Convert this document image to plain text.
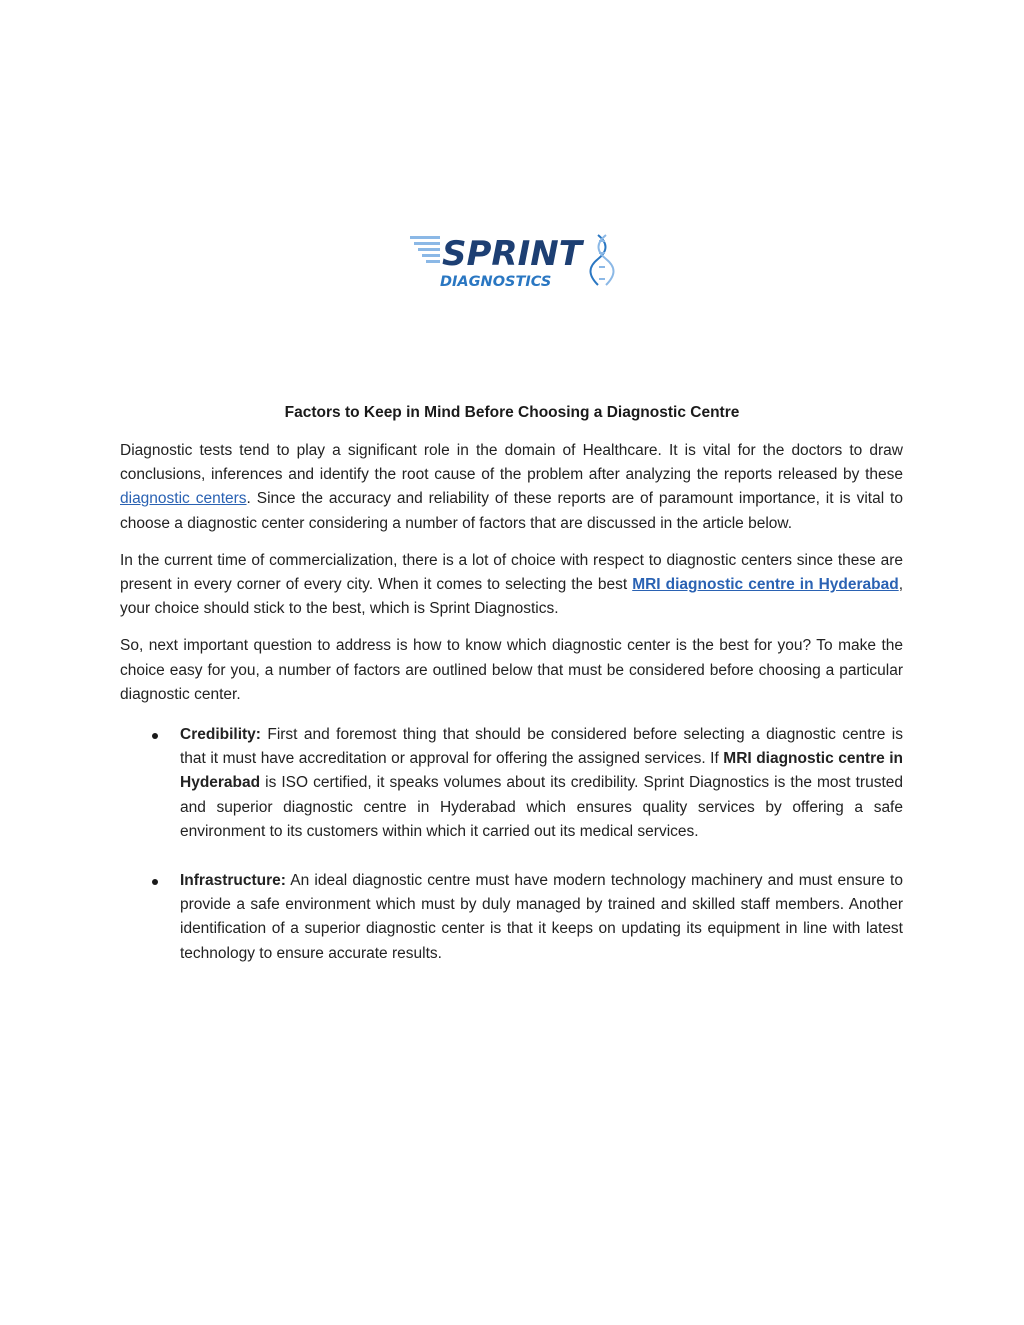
SPRINT
DIAGNOSTICS
Factors to Keep in Mind Before Choosing a Diagnostic Centre

Diagnostic tests tend to play a significant role in the domain of Healthcare. It is vital for the doctors to draw conclusions, inferences and identify the root cause of the problem after analyzing the reports released by these diagnostic centers. Since the accuracy and reliability of these reports are of paramount importance, it is vital to choose a diagnostic center considering a number of factors that are discussed in the article below.

In the current time of commercialization, there is a lot of choice with respect to diagnostic centers since these are present in every corner of every city. When it comes to selecting the best MRI diagnostic centre in Hyderabad, your choice should stick to the best, which is Sprint Diagnostics.

So, next important question to address is how to know which diagnostic center is the best for you? To make the choice easy for you, a number of factors are outlined below that must be considered before choosing a particular diagnostic center.

Credibility: First and foremost thing that should be considered before selecting a diagnostic centre is that it must have accreditation or approval for offering the assigned services. If MRI diagnostic centre in Hyderabad is ISO certified, it speaks volumes about its credibility. Sprint Diagnostics is the most trusted and superior diagnostic centre in Hyderabad which ensures quality services by offering a safe environment to its customers within which it carried out its medical services.
Infrastructure: An ideal diagnostic centre must have modern technology machinery and must ensure to provide a safe environment which must by duly managed by trained and skilled staff members. Another identification of a superior diagnostic center is that it keeps on updating its equipment in line with latest technology to ensure accurate results.
